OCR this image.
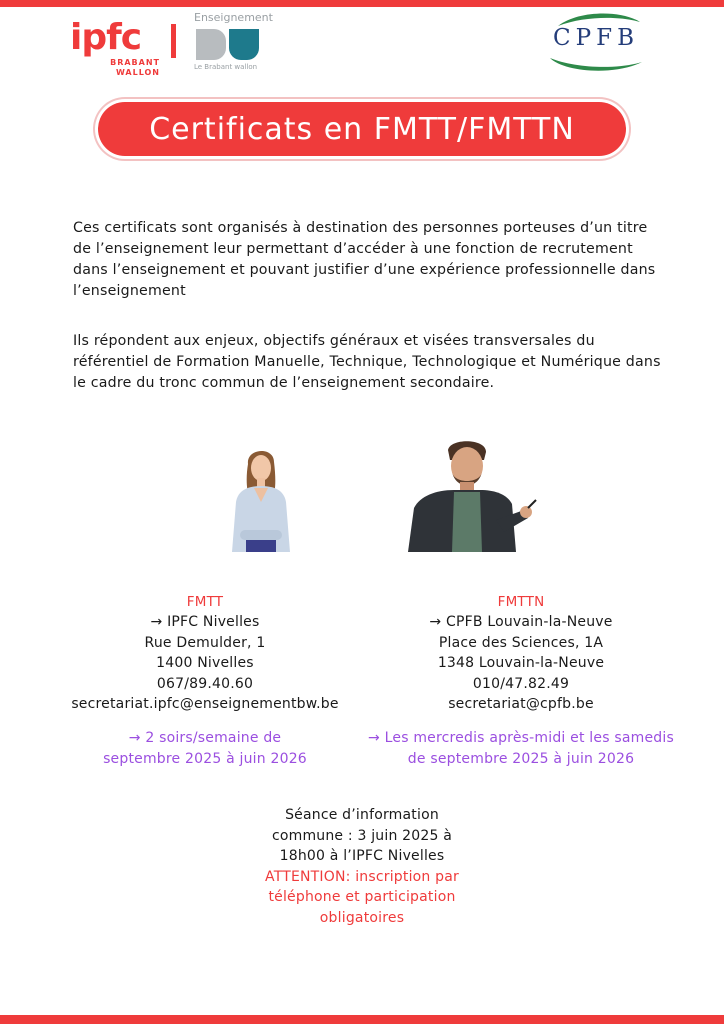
ipfc
BRABANT
WALLON
Enseignement
Le Brabant wallon
CPFB
Certificats en FMTT/FMTTN
Ces certificats sont organisés à destination des personnes porteuses d’un titre de l’enseignement leur permettant d’accéder à une fonction de recrutement dans l’enseignement et pouvant justifier d’une expérience professionnelle dans l’enseignement
Ils répondent aux enjeux, objectifs généraux et visées transversales du référentiel de Formation Manuelle, Technique, Technologique et Numérique dans le cadre du tronc commun de l’enseignement secondaire.
FMTT
→ IPFC Nivelles
Rue Demulder, 1
1400 Nivelles
067/89.40.60
secretariat.ipfc@enseignementbw.be
→ 2 soirs/semaine de
septembre 2025 à juin 2026
FMTTN
→ CPFB Louvain-la-Neuve
Place des Sciences, 1A
1348 Louvain-la-Neuve
010/47.82.49
secretariat@cpfb.be
→ Les mercredis après-midi et les samedis
de septembre 2025 à juin 2026
Séance d’information
commune : 3 juin 2025 à
18h00 à l’IPFC Nivelles
ATTENTION: inscription par
téléphone et participation
obligatoires
